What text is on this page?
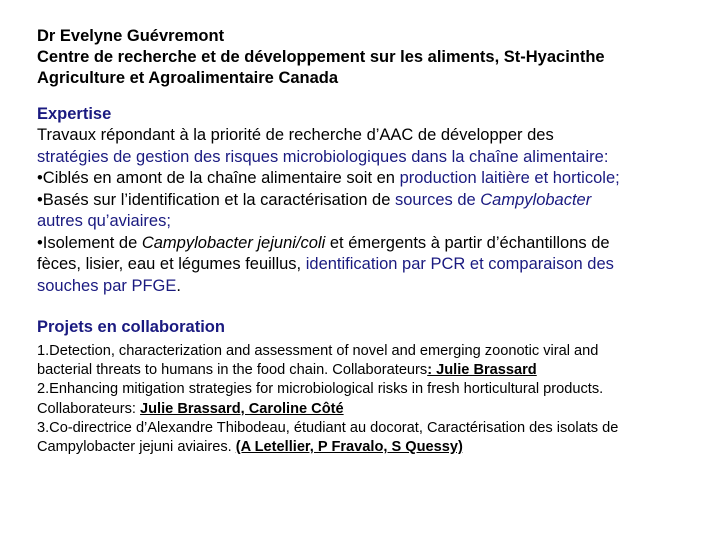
Dr Evelyne Guévremont
Centre de recherche et de développement sur les aliments, St-Hyacinthe
Agriculture et Agroalimentaire Canada
Expertise
Travaux répondant à la priorité de recherche d’AAC de développer des
stratégies de gestion des risques microbiologiques dans la chaîne alimentaire:
•Ciblés en amont de la chaîne alimentaire soit en production laitière et horticole;
•Basés sur l’identification et la caractérisation de sources de Campylobacter
autres qu’aviaires;
•Isolement de Campylobacter jejuni/coli et émergents à partir d’échantillons de
fèces, lisier, eau et légumes feuillus, identification par PCR et comparaison des
souches par PFGE.
Projets en collaboration
1.Detection, characterization and assessment of novel and emerging zoonotic viral and
bacterial threats to humans in the food chain. Collaborateurs: Julie Brassard
2.Enhancing mitigation strategies for microbiological risks in fresh horticultural products.
Collaborateurs: Julie Brassard, Caroline Côté
3.Co-directrice d’Alexandre Thibodeau, étudiant au docorat, Caractérisation des isolats de
Campylobacter jejuni aviaires. (A Letellier, P Fravalo, S Quessy)
